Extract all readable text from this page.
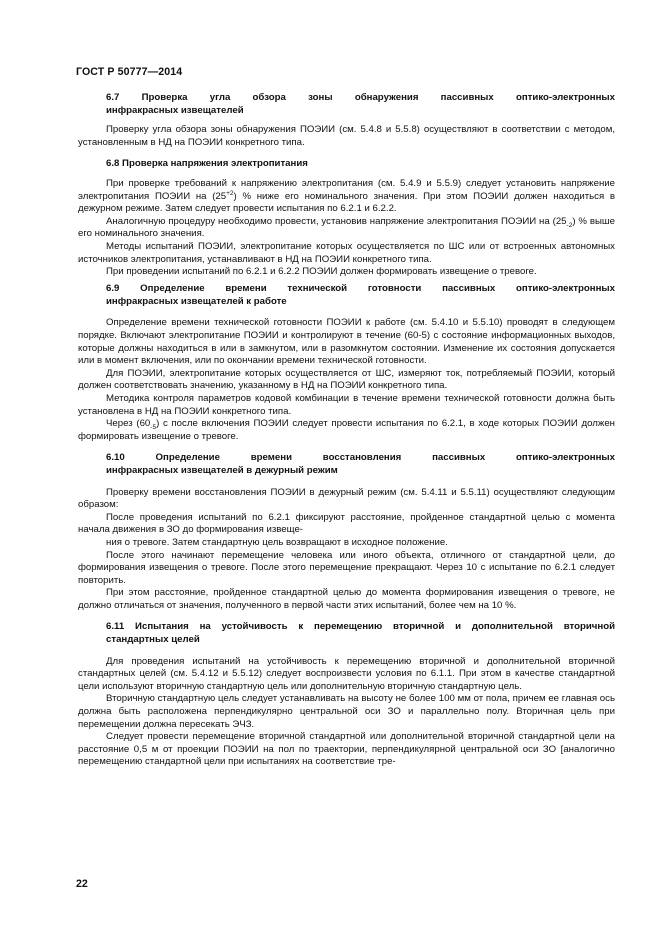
ГОСТ Р 50777—2014
6.7 Проверка угла обзора зоны обнаружения пассивных оптико-электронных
инфракрасных извещателей

Проверку угла обзора зоны обнаружения ПОЭИИ (см. 5.4.8 и 5.5.8) осуществляют в соответствии с методом, установленным в НД на ПОЭИИ конкретного типа.

6.8 Проверка напряжения электропитания

При проверке требований к напряжению электропитания (см. 5.4.9 и 5.5.9) следует установить напряжение электропитания ПОЭИИ на $(25^{+2})$ % ниже его номинального значения. При этом ПОЭИИ должен находиться в дежурном режиме. Затем следует провести испытания по 6.2.1 и 6.2.2.

Аналогичную процедуру необходимо провести, установив напряжение электропитания ПОЭИИ на $(25_{-2})$ % выше его номинального значения.

Методы испытаний ПОЭИИ, электропитание которых осуществляется по ШС или от встроенных автономных источников электропитания, устанавливают в НД на ПОЭИИ конкретного типа.

При проведении испытаний по 6.2.1 и 6.2.2 ПОЭИИ должен формировать извещение о тревоге.

6.9 Определение времени технической готовности пассивных оптико-электронных
инфракрасных извещателей к работе

Определение времени технической готовности ПОЭИИ к работе (см. 5.4.10 и 5.5.10) проводят в следующем порядке. Включают электропитание ПОЭИИ и контролируют в течение (60-5) с состояние информационных выходов, которые должны находиться в или в замкнутом, или в разомкнутом состоянии. Изменение их состояния допускается или в момент включения, или по окончании времени технической готовности.

Для ПОЭИИ, электропитание которых осуществляется от ШС, измеряют ток, потребляемый ПОЭИИ, который должен соответствовать значению, указанному в НД на ПОЭИИ конкретного типа.

Методика контроля параметров кодовой комбинации в течение времени технической готовности должна быть установлена в НД на ПОЭИИ конкретного типа.

Через $(60_{-5})$ с после включения ПОЭИИ следует провести испытания по 6.2.1, в ходе которых ПОЭИИ должен формировать извещение о тревоге.

6.10 Определение времени восстановления пассивных оптико-электронных
инфракрасных извещателей в дежурный режим

Проверку времени восстановления ПОЭИИ в дежурный режим (см. 5.4.11 и 5.5.11) осуществляют следующим образом:

После проведения испытаний по 6.2.1 фиксируют расстояние, пройденное стандартной целью с момента начала движения в ЗО до формирования извеще-

ния о тревоге. Затем стандартную цель возвращают в исходное положение.

После этого начинают перемещение человека или иного объекта, отличного от стандартной цели, до формирования извещения о тревоге. После этого перемещение прекращают. Через 10 с испытание по 6.2.1 следует повторить.

При этом расстояние, пройденное стандартной целью до момента формирования извещения о тревоге, не должно отличаться от значения, полученного в первой части этих испытаний, более чем на 10 %.

6.11 Испытания на устойчивость к перемещению вторичной и дополнительной вторичной
стандартных целей

Для проведения испытаний на устойчивость к перемещению вторичной и дополнительной вторичной стандартных целей (см. 5.4.12 и 5.5.12) следует воспроизвести условия по 6.1.1. При этом в качестве стандартной цели используют вторичную стандартную цель или дополнительную вторичную стандартную цель.

Вторичную стандартную цель следует устанавливать на высоту не более 100 мм от пола, причем ее главная ось должна быть расположена перпендикулярно центральной оси ЗО и параллельно полу. Вторичная цель при перемещении должна пересекать ЭЧЗ.

Следует провести перемещение вторичной стандартной или дополнительной вторичной стандартной цели на расстояние 0,5 м от проекции ПОЭИИ на пол по траектории, перпендикулярной центральной оси ЗО [аналогично перемещению стандартной цели при испытаниях на соответствие тре-

22
